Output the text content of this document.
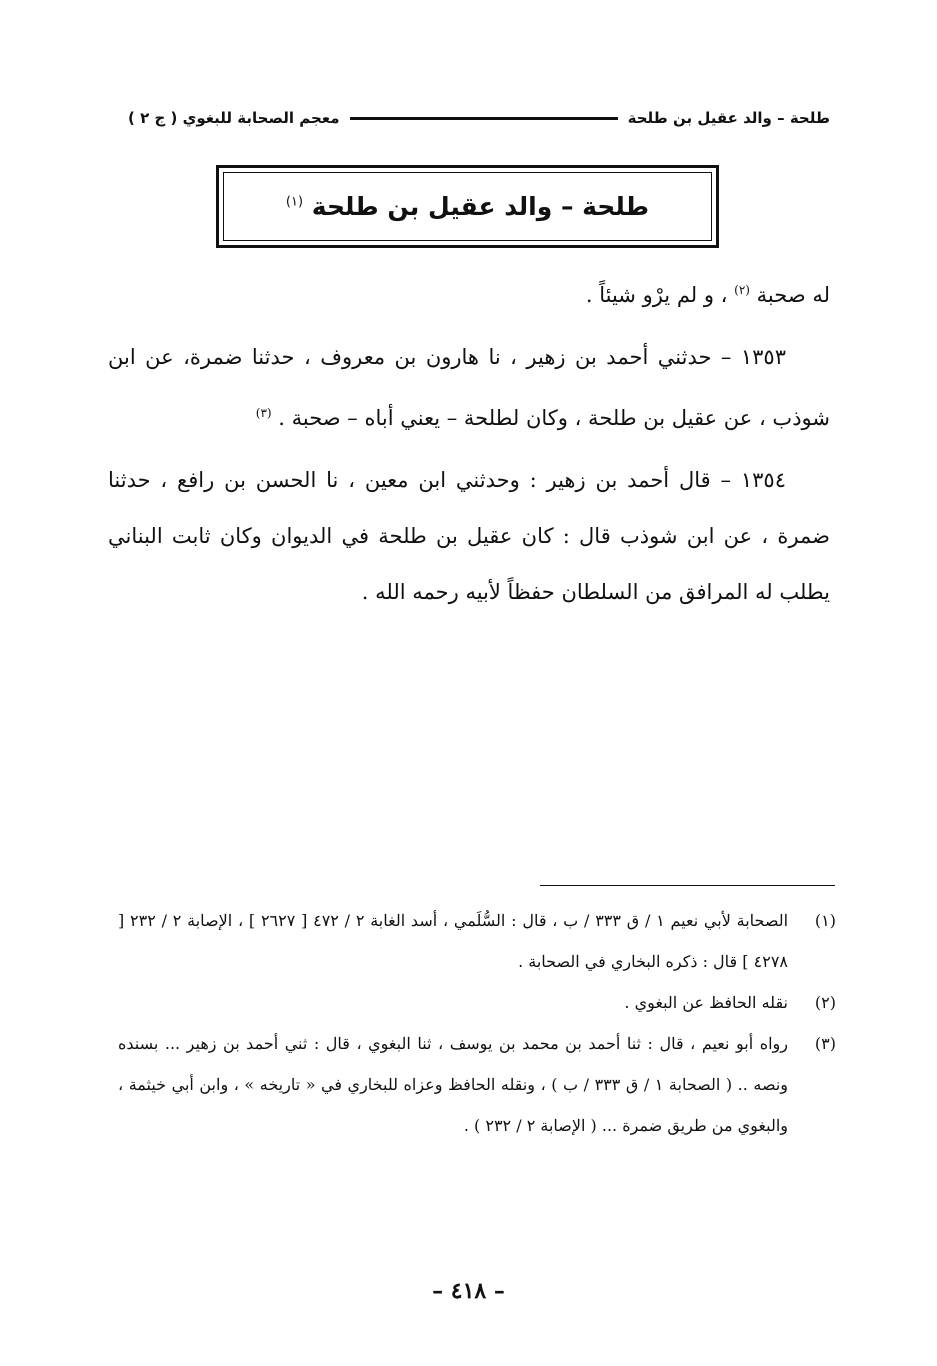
معجم الصحابة للبغوي ( ج ٢ )	طلحة – والد عقيل بن طلحة
طلحة – والد عقيل بن طلحة $^{(١)}$

له صحبة $^{(٢)}$ ، و لم يرْو شيئاً .

١٣٥٣ – حدثني أحمد بن زهير ، نا هارون بن معروف ، حدثنا ضمرة، عن ابن شوذب ، عن عقيل بن طلحة ، وكان لطلحة – يعني أباه – صحبة . $^{(٣)}$

١٣٥٤ – قال أحمد بن زهير : وحدثني ابن معين ، نا الحسن بن رافع ، حدثنا ضمرة ، عن ابن شوذب قال : كان عقيل بن طلحة في الديوان وكان ثابت البناني يطلب له المرافق من السلطان حفظاً لأبيه رحمه الله .

(١)
الصحابة لأبي نعيم ١ / ق ٣٣٣ / ب ، قال : السُّلَمي ، أسد الغابة ٢ / ٤٧٢ [ ٢٦٢٧ ] ، الإصابة ٢ / ٢٣٢ [ ٤٢٧٨ ] قال : ذكره البخاري في الصحابة .
(٢)
نقله الحافظ عن البغوي .
(٣)
رواه أبو نعيم ، قال : ثنا أحمد بن محمد بن يوسف ، ثنا البغوي ، قال : ثني أحمد بن زهير ... بسنده ونصه .. ( الصحابة ١ / ق ٣٣٣ / ب ) ، ونقله الحافظ وعزاه للبخاري في « تاريخه » ، وابن أبي خيثمة ، والبغوي من طريق ضمرة ... ( الإصابة ٢ / ٢٣٢ ) .
– ٤١٨ –
